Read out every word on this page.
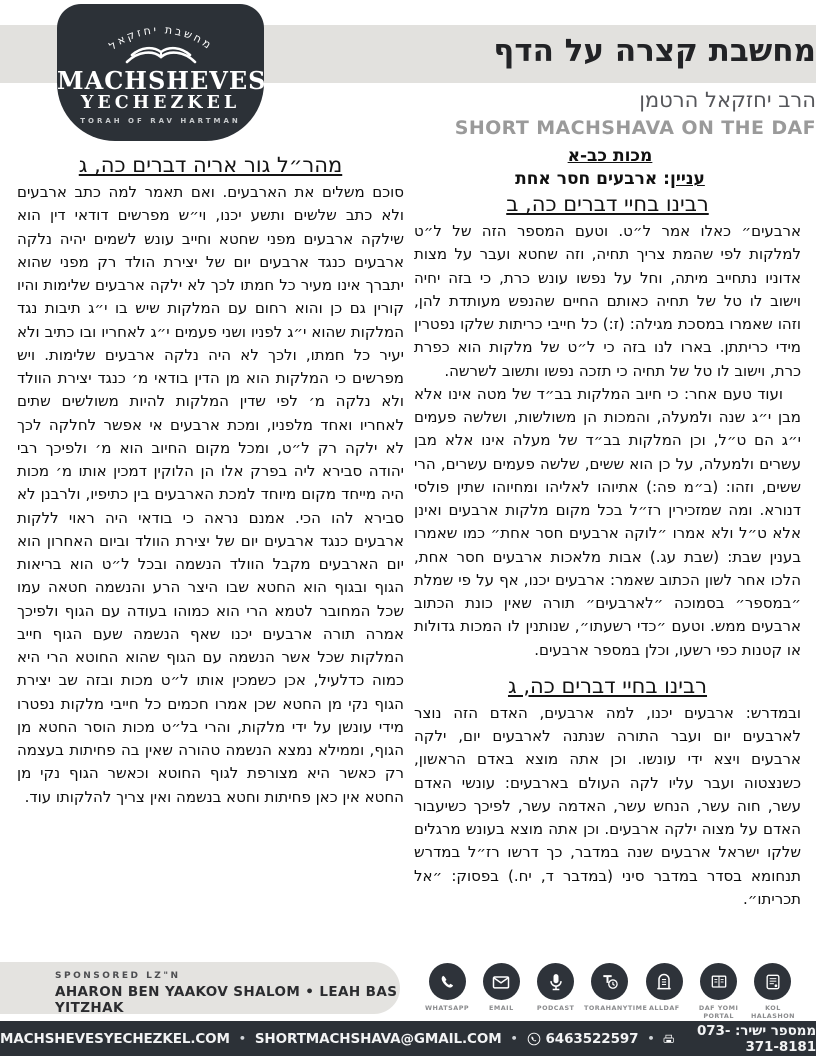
מחשבת יחזקאל
MACHSHEVES
YECHEZKEL
TORAH OF RAV HARTMAN
מחשבת קצרה על הדף
הרב יחזקאל הרטמן
SHORT MACHSHAVA ON THE DAF
מכות כב-א
עניין: ארבעים חסר אחת
מהר״ל גור אריה דברים כה, ג

סוכם משלים את הארבעים. ואם תאמר למה כתב ארבעים ולא כתב שלשים ותשע יכנו, וי״ש מפרשים דודאי דין הוא שילקה ארבעים מפני שחטא וחייב עונש לשמים יהיה נלקה ארבעים כנגד ארבעים יום של יצירת הולד רק מפני שהוא יתברך אינו מעיר כל חמתו לכך לא ילקה ארבעים שלימות והיו קורין גם כן והוא רחום עם המלקות שיש בו י״ג תיבות נגד המלקות שהוא י״ג לפניו ושני פעמים י״ג לאחריו ובו כתיב ולא יעיר כל חמתו, ולכך לא היה נלקה ארבעים שלימות. ויש מפרשים כי המלקות הוא מן הדין בודאי מ׳ כנגד יצירת הוולד ולא נלקה מ׳ לפי שדין המלקות להיות משולשים שתים לאחריו ואחד מלפניו, ומכת ארבעים אי אפשר לחלקה לכך לא ילקה רק ל״ט, ומכל מקום החיוב הוא מ׳ ולפיכך רבי יהודה סבירא ליה בפרק אלו הן הלוקין דמכין אותו מ׳ מכות היה מייחד מקום מיוחד למכת הארבעים בין כתיפיו, ולרבנן לא סבירא להו הכי. אמנם נראה כי בודאי היה ראוי ללקות ארבעים כנגד ארבעים יום של יצירת הוולד וביום האחרון הוא יום הארבעים מקבל הוולד הנשמה ובכל ל״ט הוא בריאות הגוף ובגוף הוא החטא שבו היצר הרע והנשמה חטאה עמו שכל המחובר לטמא הרי הוא כמוהו בעודה עם הגוף ולפיכך אמרה תורה ארבעים יכנו שאף הנשמה שעם הגוף חייב המלקות שכל אשר הנשמה עם הגוף שהוא החוטא הרי היא כמוה כדלעיל, אכן כשמכין אותו ל״ט מכות ובזה שב יצירת הגוף נקי מן החטא שכן אמרו חכמים כל חייבי מלקות נפטרו מידי עונשן על ידי מלקות, והרי בל״ט מכות הוסר החטא מן הגוף, וממילא נמצא הנשמה טהורה שאין בה פחיתות בעצמה רק כאשר היא מצורפת לגוף החוטא וכאשר הגוף נקי מן החטא אין כאן פחיתות וחטא בנשמה ואין צריך להלקותו עוד.

רבינו בחיי דברים כה, ב

ארבעים״ כאלו אמר ל״ט. וטעם המספר הזה של ל״ט למלקות לפי שהמת צריך תחיה, וזה שחטא ועבר על מצות אדוניו נתחייב מיתה, וחל על נפשו עונש כרת, כי בזה יחיה וישוב לו טל של תחיה כאותם החיים שהנפש מעותדת להן, וזהו שאמרו במסכת מגילה: (ז:) כל חייבי כריתות שלקו נפטרין מידי כריתתן. בארו לנו בזה כי ל״ט של מלקות הוא כפרת כרת, וישוב לו טל של תחיה כי תזכה נפשו ותשוב לשרשה.

ועוד טעם אחר: כי חיוב המלקות בב״ד של מטה אינו אלא מבן י״ג שנה ולמעלה, והמכות הן משולשות, ושלשה פעמים י״ג הם ט״ל, וכן המלקות בב״ד של מעלה אינו אלא מבן עשרים ולמעלה, על כן הוא ששים, שלשה פעמים עשרים, הרי ששים, וזהו: (ב״מ פה:) אתיוהו לאליהו ומחיוהו שתין פולסי דנורא. ומה שמזכירין רז״ל בכל מקום מלקות ארבעים ואינן אלא ט״ל ולא אמרו ״לוקה ארבעים חסר אחת״ כמו שאמרו בענין שבת: (שבת עג.) אבות מלאכות ארבעים חסר אחת, הלכו אחר לשון הכתוב שאמר: ארבעים יכנו, אף על פי שמלת ״במספר״ בסמוכה ״לארבעים״ תורה שאין כונת הכתוב ארבעים ממש. וטעם ״כדי רשעתו״, שנותנין לו המכות גדולות או קטנות כפי רשעו, וכלן במספר ארבעים.

רבינו בחיי דברים כה, ג

ובמדרש: ארבעים יכנו, למה ארבעים, האדם הזה נוצר לארבעים יום ועבר התורה שנתנה לארבעים יום, ילקה ארבעים ויצא ידי עונשו. וכן אתה מוצא באדם הראשון, כשנצטוה ועבר עליו לקה העולם בארבעים: עונשי האדם עשר, חוה עשר, הנחש עשר, האדמה עשר, לפיכך כשיעבור האדם על מצוה ילקה ארבעים. וכן אתה מוצא בעונש מרגלים שלקו ישראל ארבעים שנה במדבר, כך דרשו רז״ל במדרש תנחומא בסדר במדבר סיני (במדבר ד, יח.) בפסוק: ״אל תכריתו״.

SPONSORED LZ"N
AHARON BEN YAAKOV SHALOM • LEAH BAS YITZHAK	WHATSAPP	EMAIL	PODCAST	TORAHANYTIME ALLDAF	DAF YOMI PORTAL
KOL HALASHON
MACHSHEVESYECHEZKEL.COM • SHORTMACHSHAVA@GMAIL.COM • 6463522597 •	ממספר ישיר: 073-371-8181
